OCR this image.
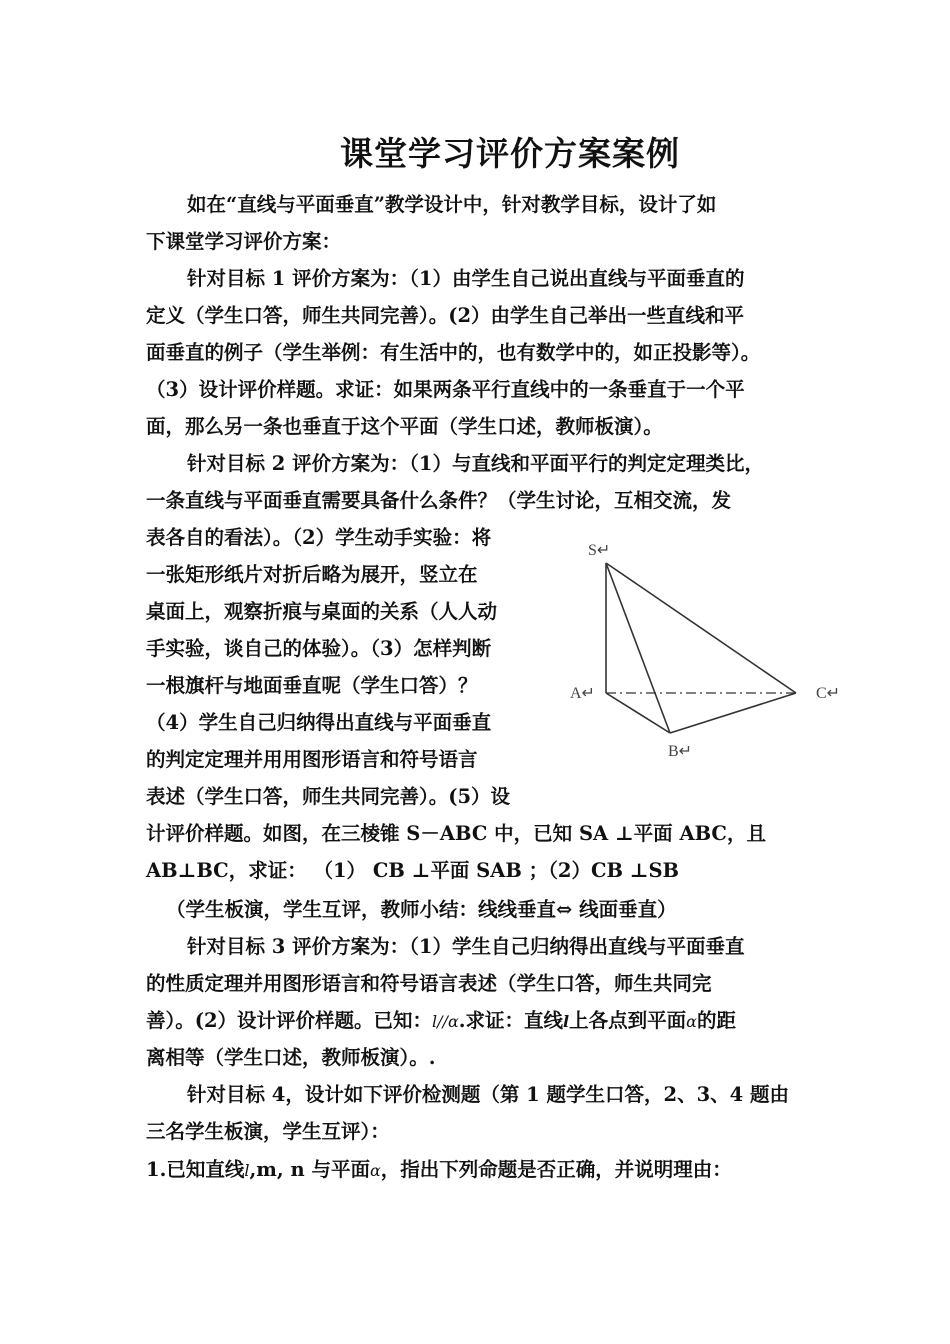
课堂学习评价方案案例
如在“直线与平面垂直”教学设计中，针对教学目标，设计了如
下课堂学习评价方案：
针对目标 1 评价方案为：（1）由学生自己说出直线与平面垂直的
定义（学生口答，师生共同完善）。(2）由学生自己举出一些直线和平
面垂直的例子（学生举例：有生活中的，也有数学中的，如正投影等）。
（3）设计评价样题。求证：如果两条平行直线中的一条垂直于一个平
面，那么另一条也垂直于这个平面（学生口述，教师板演）。
针对目标 2 评价方案为：（1）与直线和平面平行的判定定理类比，
一条直线与平面垂直需要具备什么条件？（学生讨论，互相交流，发
表各自的看法）。（2）学生动手实验：将
一张矩形纸片对折后略为展开，竖立在
桌面上，观察折痕与桌面的关系（人人动
手实验，谈自己的体验）。（3）怎样判断
一根旗杆与地面垂直呢（学生口答）？
（4）学生自己归纳得出直线与平面垂直
的判定定理并用用图形语言和符号语言
表述（学生口答，师生共同完善）。(5）设
计评价样题。如图，在三棱锥 S－ABC 中，已知 SA ⊥平面 ABC，且
AB⊥BC，求证： （1） CB ⊥平面 SAB ；（2）CB ⊥SB
（学生板演，学生互评，教师小结：线线垂直⇔ 线面垂直）
针对目标 3 评价方案为：（1）学生自己归纳得出直线与平面垂直
的性质定理并用图形语言和符号语言表述（学生口答，师生共同完
善）。(2）设计评价样题。已知：l//α.求证：直线l上各点到平面α的距
离相等（学生口述，教师板演）。.
针对目标 4，设计如下评价检测题（第 1 题学生口答，2、3、4 题由
三名学生板演，学生互评）：
1.已知直线l,m, n 与平面α，指出下列命题是否正确，并说明理由：
S↵
A↵
B↵
C↵
